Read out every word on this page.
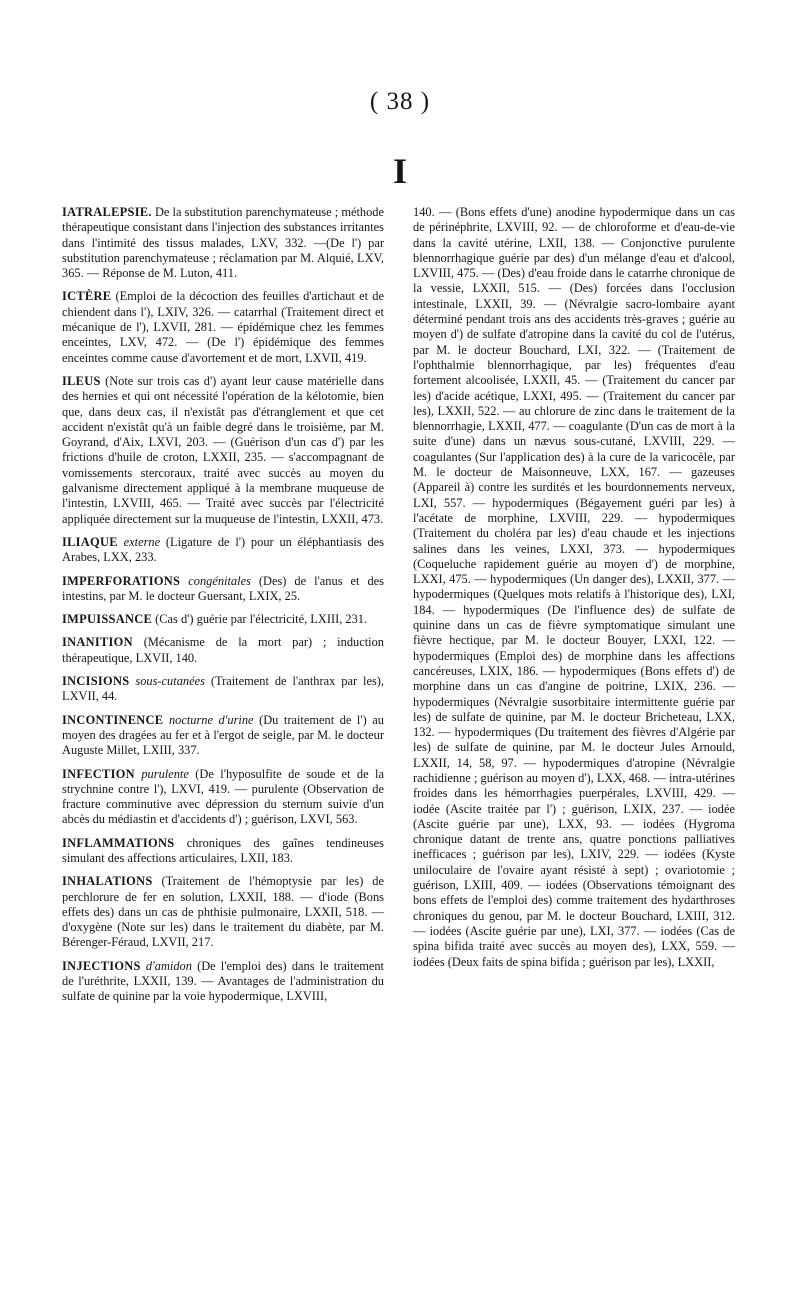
( 38 )
I

IATRALEPSIE. De la substitution parenchymateuse ; méthode thérapeutique consistant dans l'injection des substances irritantes dans l'intimité des tissus malades, LXV, 332. —(De l') par substitution parenchymateuse ; réclamation par M. Alquié, LXV, 365. — Réponse de M. Luton, 411.

ICTÈRE (Emploi de la décoction des feuilles d'artichaut et de chiendent dans l'), LXIV, 326. — catarrhal (Traitement direct et mécanique de l'), LXVII, 281. — épidémique chez les femmes enceintes, LXV, 472. — (De l') épidémique des femmes enceintes comme cause d'avortement et de mort, LXVII, 419.

ILEUS (Note sur trois cas d') ayant leur cause matérielle dans des hernies et qui ont nécessité l'opération de la kélotomie, bien que, dans deux cas, il n'existât pas d'étranglement et que cet accident n'existât qu'à un faible degré dans le troisième, par M. Goyrand, d'Aix, LXVI, 203. — (Guérison d'un cas d') par les frictions d'huile de croton, LXXII, 235. — s'accompagnant de vomissements stercoraux, traité avec succès au moyen du galvanisme directement appliqué à la membrane muqueuse de l'intestin, LXVIII, 465. — Traité avec succès par l'électricité appliquée directement sur la muqueuse de l'intestin, LXXII, 473.

ILIAQUE externe (Ligature de l') pour un éléphantiasis des Arabes, LXX, 233.

IMPERFORATIONS congénitales (Des) de l'anus et des intestins, par M. le docteur Guersant, LXIX, 25.

IMPUISSANCE (Cas d') guérie par l'électricité, LXIII, 231.

INANITION (Mécanisme de la mort par) ; induction thérapeutique, LXVII, 140.

INCISIONS sous-cutanées (Traitement de l'anthrax par les), LXVII, 44.

INCONTINENCE nocturne d'urine (Du traitement de l') au moyen des dragées au fer et à l'ergot de seigle, par M. le docteur Auguste Millet, LXIII, 337.

INFECTION purulente (De l'hyposulfite de soude et de la strychnine contre l'), LXVI, 419. — purulente (Observation de fracture comminutive avec dépression du sternum suivie d'un abcès du médiastin et d'accidents d') ; guérison, LXVI, 563.

INFLAMMATIONS chroniques des gaînes tendineuses simulant des affections articulaires, LXII, 183.

INHALATIONS (Traitement de l'hémoptysie par les) de perchlorure de fer en solution, LXXII, 188. — d'iode (Bons effets des) dans un cas de phthisie pulmonaire, LXXII, 518. — d'oxygène (Note sur les) dans le traitement du diabète, par M. Bérenger-Féraud, LXVII, 217.

INJECTIONS d'amidon (De l'emploi des) dans le traitement de l'uréthrite, LXXII, 139. — Avantages de l'administration du sulfate de quinine par la voie hypodermique, LXVIII,

140. — (Bons effets d'une) anodine hypodermique dans un cas de périnéphrite, LXVIII, 92. — de chloroforme et d'eau-de-vie dans la cavité utérine, LXII, 138. — Conjonctive purulente blennorrhagique guérie par des) d'un mélange d'eau et d'alcool, LXVIII, 475. — (Des) d'eau froide dans le catarrhe chronique de la vessie, LXXII, 515. — (Des) forcées dans l'occlusion intestinale, LXXII, 39. — (Névralgie sacro-lombaire ayant déterminé pendant trois ans des accidents très-graves ; guérie au moyen d') de sulfate d'atropine dans la cavité du col de l'utérus, par M. le docteur Bouchard, LXI, 322. — (Traitement de l'ophthalmie blennorrhagique, par les) fréquentes d'eau fortement alcoolisée, LXXII, 45. — (Traitement du cancer par les) d'acide acétique, LXXI, 495. — (Traitement du cancer par les), LXXII, 522. — au chlorure de zinc dans le traitement de la blennorrhagie, LXXII, 477. — coagulante (D'un cas de mort à la suite d'une) dans un nævus sous-cutané, LXVIII, 229. — coagulantes (Sur l'application des) à la cure de la varicocèle, par M. le docteur de Maisonneuve, LXX, 167. — gazeuses (Appareil à) contre les surdités et les bourdonnements nerveux, LXI, 557. — hypodermiques (Bégayement guéri par les) à l'acétate de morphine, LXVIII, 229. — hypodermiques (Traitement du choléra par les) d'eau chaude et les injections salines dans les veines, LXXI, 373. — hypodermiques (Coqueluche rapidement guérie au moyen d') de morphine, LXXI, 475. — hypodermiques (Un danger des), LXXII, 377. — hypodermiques (Quelques mots relatifs à l'historique des), LXI, 184. — hypodermiques (De l'influence des) de sulfate de quinine dans un cas de fièvre symptomatique simulant une fièvre hectique, par M. le docteur Bouyer, LXXI, 122. — hypodermiques (Emploi des) de morphine dans les affections cancéreuses, LXIX, 186. — hypodermiques (Bons effets d') de morphine dans un cas d'angine de poitrine, LXIX, 236. — hypodermiques (Névralgie susorbitaire intermittente guérie par les) de sulfate de quinine, par M. le docteur Bricheteau, LXX, 132. — hypodermiques (Du traitement des fièvres d'Algérie par les) de sulfate de quinine, par M. le docteur Jules Arnould, LXXII, 14, 58, 97. — hypodermiques d'atropine (Névralgie rachidienne ; guérison au moyen d'), LXX, 468. — intra-utérines froides dans les hémorrhagies puerpérales, LXVIII, 429. — iodée (Ascite traitée par l') ; guérison, LXIX, 237. — iodée (Ascite guérie par une), LXX, 93. — iodées (Hygroma chronique datant de trente ans, quatre ponctions palliatives inefficaces ; guérison par les), LXIV, 229. — iodées (Kyste uniloculaire de l'ovaire ayant résisté à sept) ; ovariotomie ; guérison, LXIII, 409. — iodées (Observations témoignant des bons effets de l'emploi des) comme traitement des hydarthroses chroniques du genou, par M. le docteur Bouchard, LXIII, 312. — iodées (Ascite guérie par une), LXI, 377. — iodées (Cas de spina bifida traité avec succès au moyen des), LXX, 559. — iodées (Deux faits de spina bifida ; guérison par les), LXXII,
